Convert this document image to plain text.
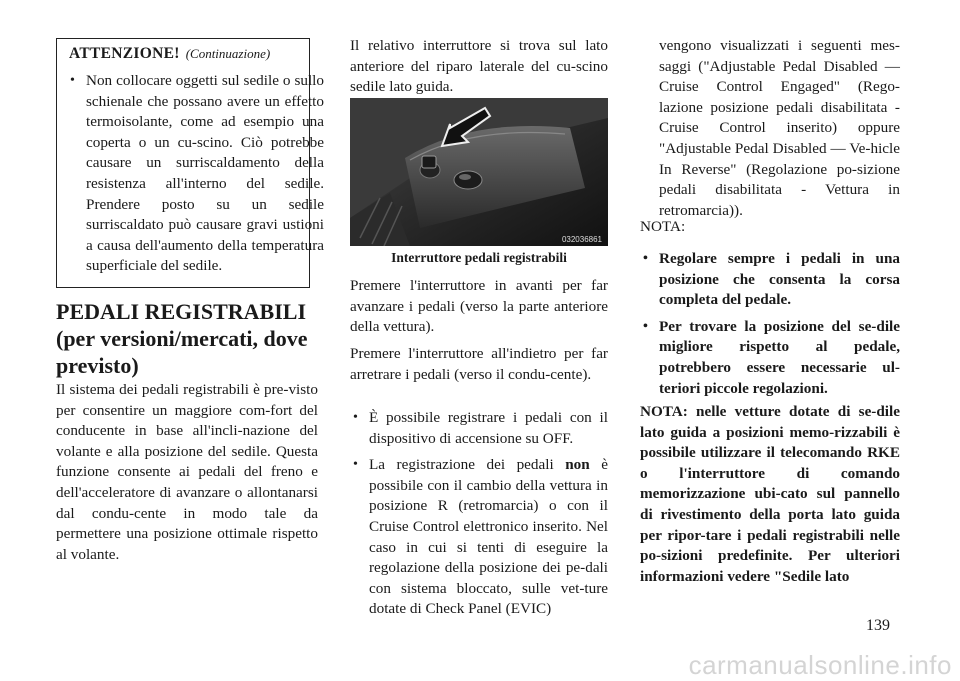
ATTENZIONE! (Continuazione)
• Non collocare oggetti sul sedile o sullo schienale che possano avere un effetto termoisolante, come ad esempio una coperta o un cu-scino. Ciò potrebbe causare un surriscaldamento della resistenza all'interno del sedile. Prendere posto su un sedile surriscaldato può causare gravi ustioni a causa dell'aumento della temperatura superficiale del sedile.
PEDALI REGISTRABILI (per versioni/mercati, dove previsto)

Il sistema dei pedali registrabili è pre-visto per consentire un maggiore com-fort del conducente in base all'incli-nazione del volante e alla posizione del sedile. Questa funzione consente ai pedali del freno e dell'acceleratore di avanzare o allontanarsi dal condu-cente in modo tale da permettere una posizione ottimale rispetto al volante.

Il relativo interruttore si trova sul lato anteriore del riparo laterale del cu-scino sedile lato guida.

032036861
Interruttore pedali registrabili

Premere l'interruttore in avanti per far avanzare i pedali (verso la parte anteriore della vettura).

Premere l'interruttore all'indietro per far arretrare i pedali (verso il condu-cente).

• È possibile registrare i pedali con il dispositivo di accensione su OFF.
• La registrazione dei pedali non è possibile con il cambio della vettura in posizione R (retromarcia) o con il Cruise Control elettronico inserito. Nel caso in cui si tenti di eseguire la regolazione della posizione dei pe-dali con sistema bloccato, sulle vet-ture dotate di Check Panel (EVIC)

vengono visualizzati i seguenti mes-saggi ("Adjustable Pedal Disabled — Cruise Control Engaged" (Rego-lazione posizione pedali disabilitata - Cruise Control inserito) oppure "Adjustable Pedal Disabled — Ve-hicle In Reverse" (Regolazione po-sizione pedali disabilitata - Vettura in retromarcia)).

NOTA:
• Regolare sempre i pedali in una posizione che consenta la corsa completa del pedale.
• Per trovare la posizione del se-dile migliore rispetto al pedale, potrebbero essere necessarie ul-teriori piccole regolazioni.

NOTA: nelle vetture dotate di se-dile lato guida a posizioni memo-rizzabili è possibile utilizzare il telecomando RKE o l'interruttore di comando memorizzazione ubi-cato sul pannello di rivestimento della porta lato guida per ripor-tare i pedali registrabili nelle po-sizioni predefinite. Per ulteriori informazioni vedere "Sedile lato

139
carmanualsonline.info
